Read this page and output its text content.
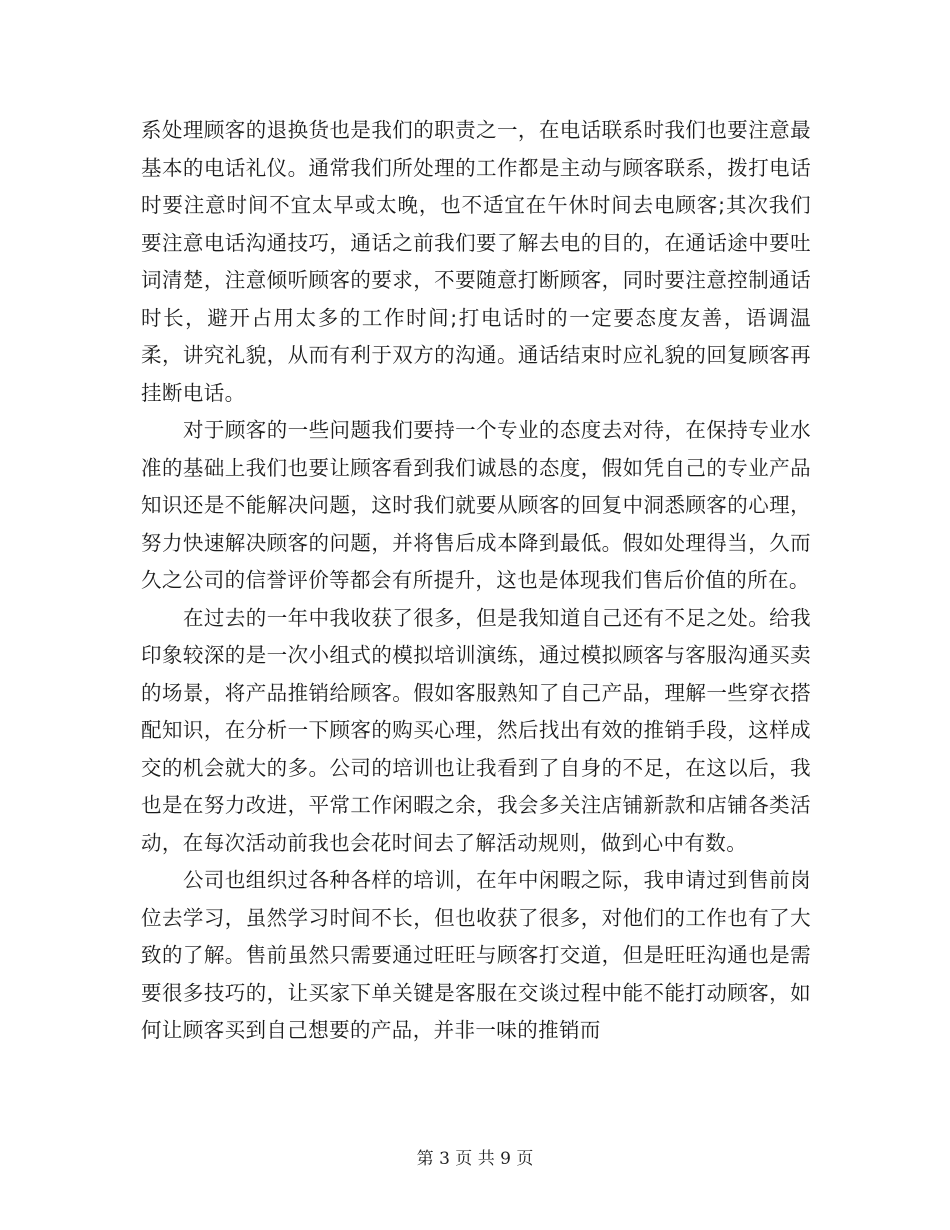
系处理顾客的退换货也是我们的职责之一，在电话联系时我们也要注意最基本的电话礼仪。通常我们所处理的工作都是主动与顾客联系，拨打电话时要注意时间不宜太早或太晚，也不适宜在午休时间去电顾客;其次我们要注意电话沟通技巧，通话之前我们要了解去电的目的，在通话途中要吐词清楚，注意倾听顾客的要求，不要随意打断顾客，同时要注意控制通话时长，避开占用太多的工作时间;打电话时的一定要态度友善，语调温柔，讲究礼貌，从而有利于双方的沟通。通话结束时应礼貌的回复顾客再挂断电话。

对于顾客的一些问题我们要持一个专业的态度去对待，在保持专业水准的基础上我们也要让顾客看到我们诚恳的态度，假如凭自己的专业产品知识还是不能解决问题，这时我们就要从顾客的回复中洞悉顾客的心理，努力快速解决顾客的问题，并将售后成本降到最低。假如处理得当，久而久之公司的信誉评价等都会有所提升，这也是体现我们售后价值的所在。

在过去的一年中我收获了很多，但是我知道自己还有不足之处。给我印象较深的是一次小组式的模拟培训演练，通过模拟顾客与客服沟通买卖的场景，将产品推销给顾客。假如客服熟知了自己产品，理解一些穿衣搭配知识，在分析一下顾客的购买心理，然后找出有效的推销手段，这样成交的机会就大的多。公司的培训也让我看到了自身的不足，在这以后，我也是在努力改进，平常工作闲暇之余，我会多关注店铺新款和店铺各类活动，在每次活动前我也会花时间去了解活动规则，做到心中有数。

公司也组织过各种各样的培训，在年中闲暇之际，我申请过到售前岗位去学习，虽然学习时间不长，但也收获了很多，对他们的工作也有了大致的了解。售前虽然只需要通过旺旺与顾客打交道，但是旺旺沟通也是需要很多技巧的，让买家下单关键是客服在交谈过程中能不能打动顾客，如何让顾客买到自己想要的产品，并非一味的推销而

第 3 页 共 9 页
